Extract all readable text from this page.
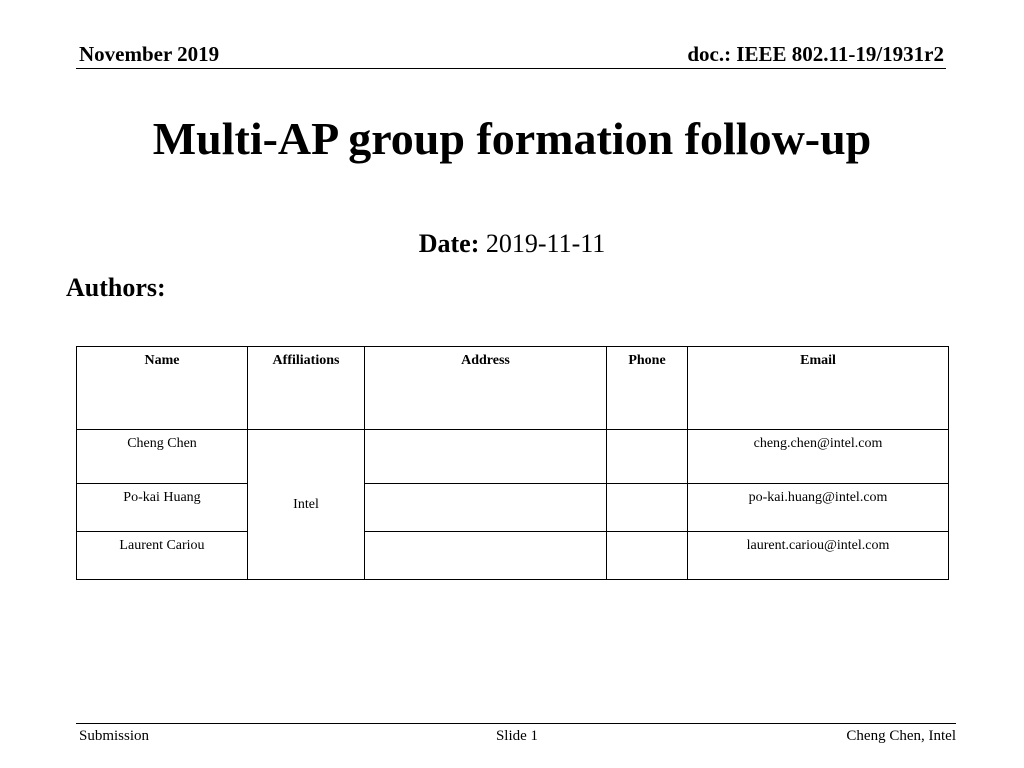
November 2019	doc.: IEEE 802.11-19/1931r2
Multi-AP group formation follow-up
Date: 2019-11-11
Authors:
Name	Affiliations	Address	Phone	Email
Cheng Chen	Intel			cheng.chen@intel.com
Po-kai Huang				po-kai.huang@intel.com
Laurent Cariou				laurent.cariou@intel.com
Submission	Slide 1	Cheng Chen, Intel
